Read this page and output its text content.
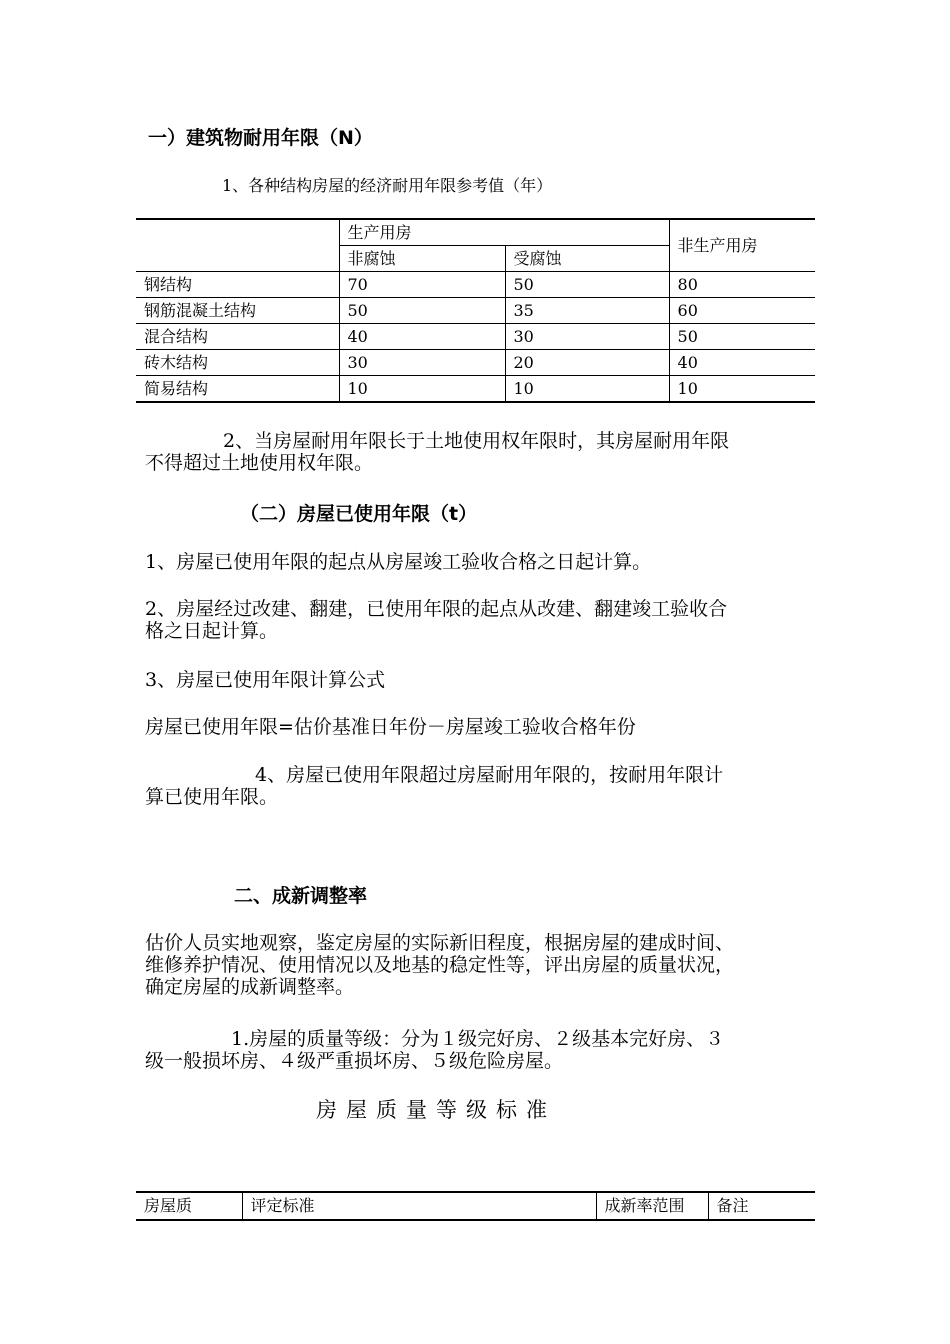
一）建筑物耐用年限（N）
1、各种结构房屋的经济耐用年限参考值（年）
	生产用房		非生产用房
	非腐蚀	受腐蚀	
钢结构	70	50	80
钢筋混凝土结构	50	35	60
混合结构	40	30	50
砖木结构	30	20	40
简易结构	10	10	10
2、当房屋耐用年限长于土地使用权年限时，其房屋耐用年限
不得超过土地使用权年限。
（二）房屋已使用年限（t）
1、房屋已使用年限的起点从房屋竣工验收合格之日起计算。
2、房屋经过改建、翻建，已使用年限的起点从改建、翻建竣工验收合
格之日起计算。
3、房屋已使用年限计算公式
房屋已使用年限=估价基准日年份－房屋竣工验收合格年份
4、房屋已使用年限超过房屋耐用年限的，按耐用年限计
算已使用年限。
二、成新调整率
估价人员实地观察，鉴定房屋的实际新旧程度，根据房屋的建成时间、
维修养护情况、使用情况以及地基的稳定性等，评出房屋的质量状况，
确定房屋的成新调整率。
1.房屋的质量等级：分为１级完好房、２级基本完好房、３
级一般损坏房、４级严重损坏房、５级危险房屋。
房屋质量等级标准
房屋质	评定标准	成新率范围	备注
